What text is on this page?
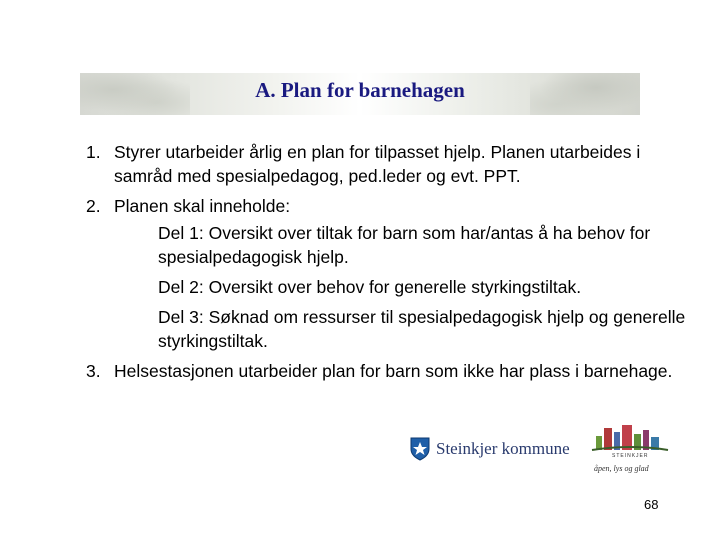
A. Plan for barnehagen
1. Styrer utarbeider årlig en plan for tilpasset hjelp. Planen utarbeides i samråd med spesialpedagog, ped.leder og evt. PPT.
2. Planen skal inneholde:
Del 1: Oversikt over tiltak for barn som har/antas å ha behov for spesialpedagogisk hjelp.
Del 2: Oversikt over behov for generelle styrkingstiltak.
Del 3: Søknad om ressurser til spesialpedagogisk hjelp og generelle styrkingstiltak.
3. Helsestasjonen utarbeider plan for barn som ikke har plass i barnehage.
Steinkjer kommune	STEINKJER
åpen, lys og glad
68
